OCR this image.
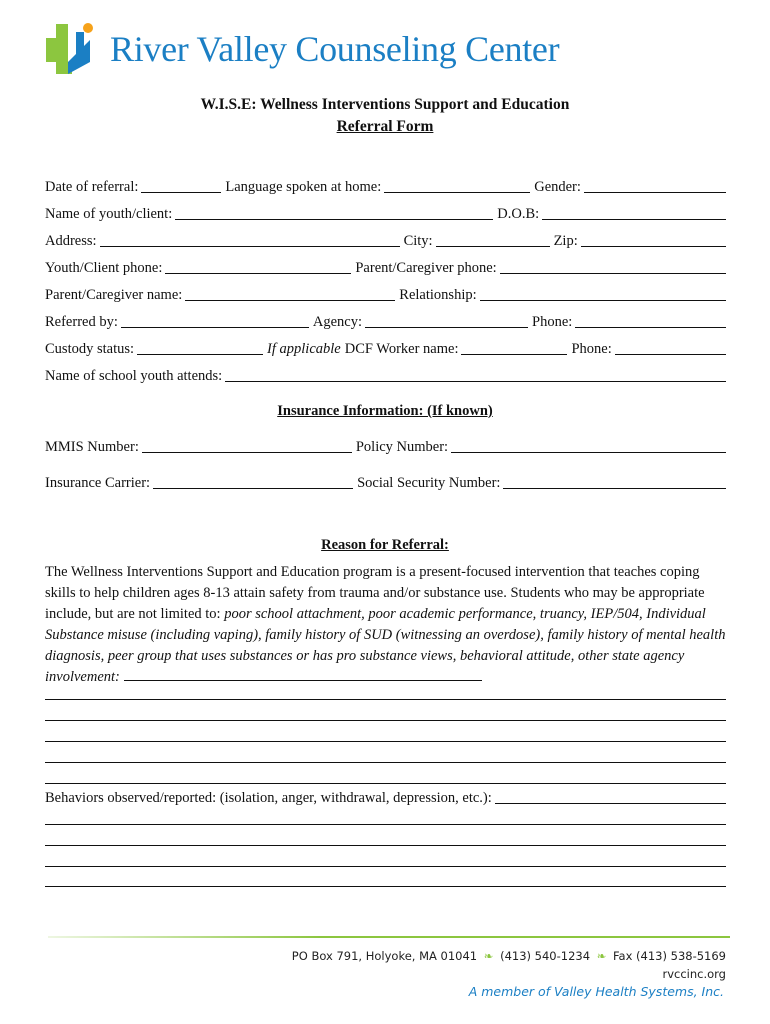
River Valley Counseling Center
W.I.S.E: Wellness Interventions Support and Education
Referral Form
Date of referral:	Language spoken at home:	Gender:
Name of youth/client:	D.O.B:
Address:	City:	Zip:
Youth/Client phone:	Parent/Caregiver phone:
Parent/Caregiver name:	Relationship:
Referred by:	Agency:	Phone:
Custody status:	If applicable DCF Worker name:	Phone:
Name of school youth attends:
Insurance Information: (If known)
MMIS Number:	Policy Number:
Insurance Carrier:	Social Security Number:
Reason for Referral:
The Wellness Interventions Support and Education program is a present-focused intervention that teaches coping skills to help children ages 8-13 attain safety from trauma and/or substance use. Students who may be appropriate include, but are not limited to: poor school attachment, poor academic performance, truancy, IEP/504, Individual Substance misuse (including vaping), family history of SUD (witnessing an overdose), family history of mental health diagnosis, peer group that uses substances or has pro substance views, behavioral attitude, other state agency involvement:
Behaviors observed/reported: (isolation, anger, withdrawal, depression, etc.):
PO Box 791, Holyoke, MA 01041 ❧ (413) 540-1234 ❧ Fax (413) 538-5169
rvccinc.org
A member of Valley Health Systems, Inc.
